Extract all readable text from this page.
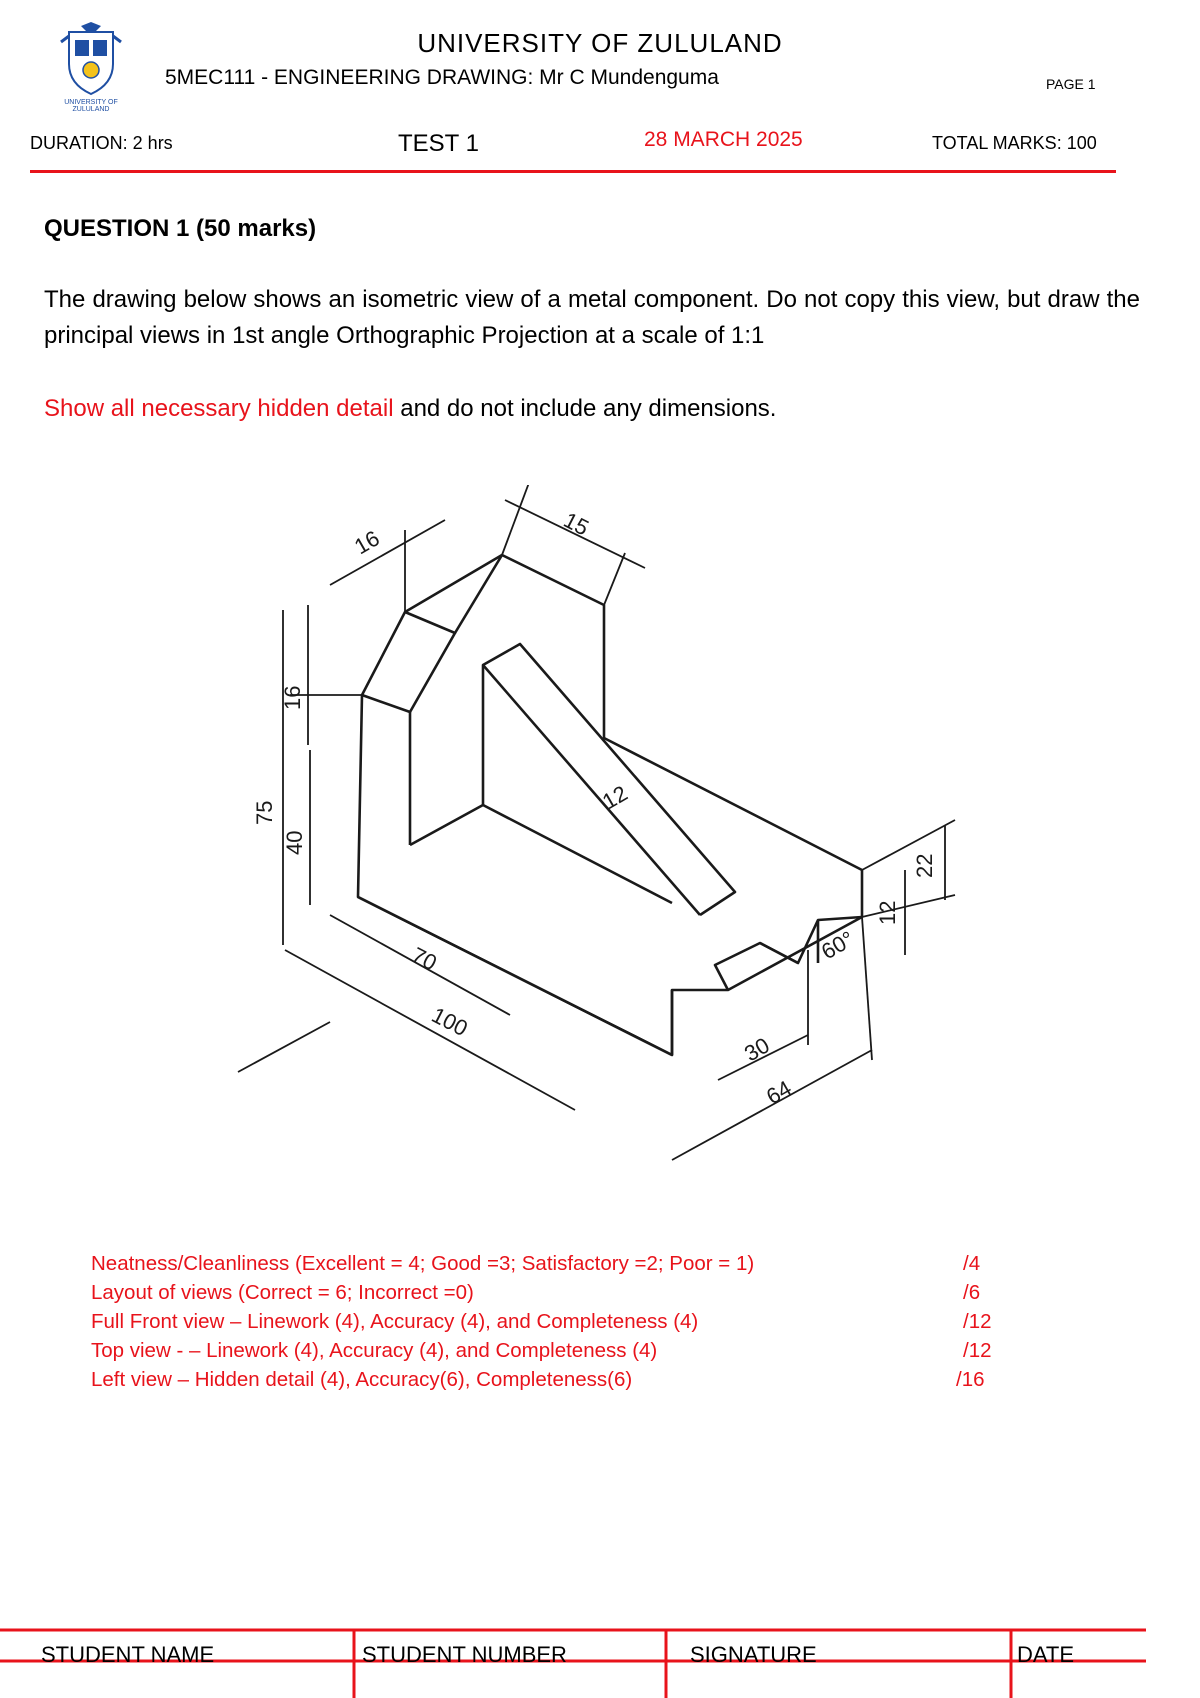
UNIVERSITY OF
ZULULAND
UNIVERSITY OF ZULULAND
5MEC111 - ENGINEERING DRAWING: Mr C Mundenguma	PAGE 1
DURATION: 2 hrs	TEST 1	28 MARCH 2025	TOTAL MARKS: 100
QUESTION 1 (50 marks)
The drawing below shows an isometric view of a metal component. Do not copy this view, but draw the principal views in 1st angle Orthographic Projection at a scale of 1:1
Show all necessary hidden detail and do not include any dimensions.
15
16
16
75
40
12
70
100
22
12
60°
30
64
Neatness/Cleanliness (Excellent = 4; Good =3; Satisfactory =2; Poor = 1)	/4
Layout of views (Correct = 6; Incorrect =0)	/6
Full Front view – Linework (4), Accuracy (4), and Completeness (4)	/12
Top view - – Linework (4), Accuracy (4), and Completeness (4)	/12
Left view – Hidden detail (4), Accuracy(6), Completeness(6)	/16
STUDENT NAME	STUDENT NUMBER	SIGNATURE	DATE
